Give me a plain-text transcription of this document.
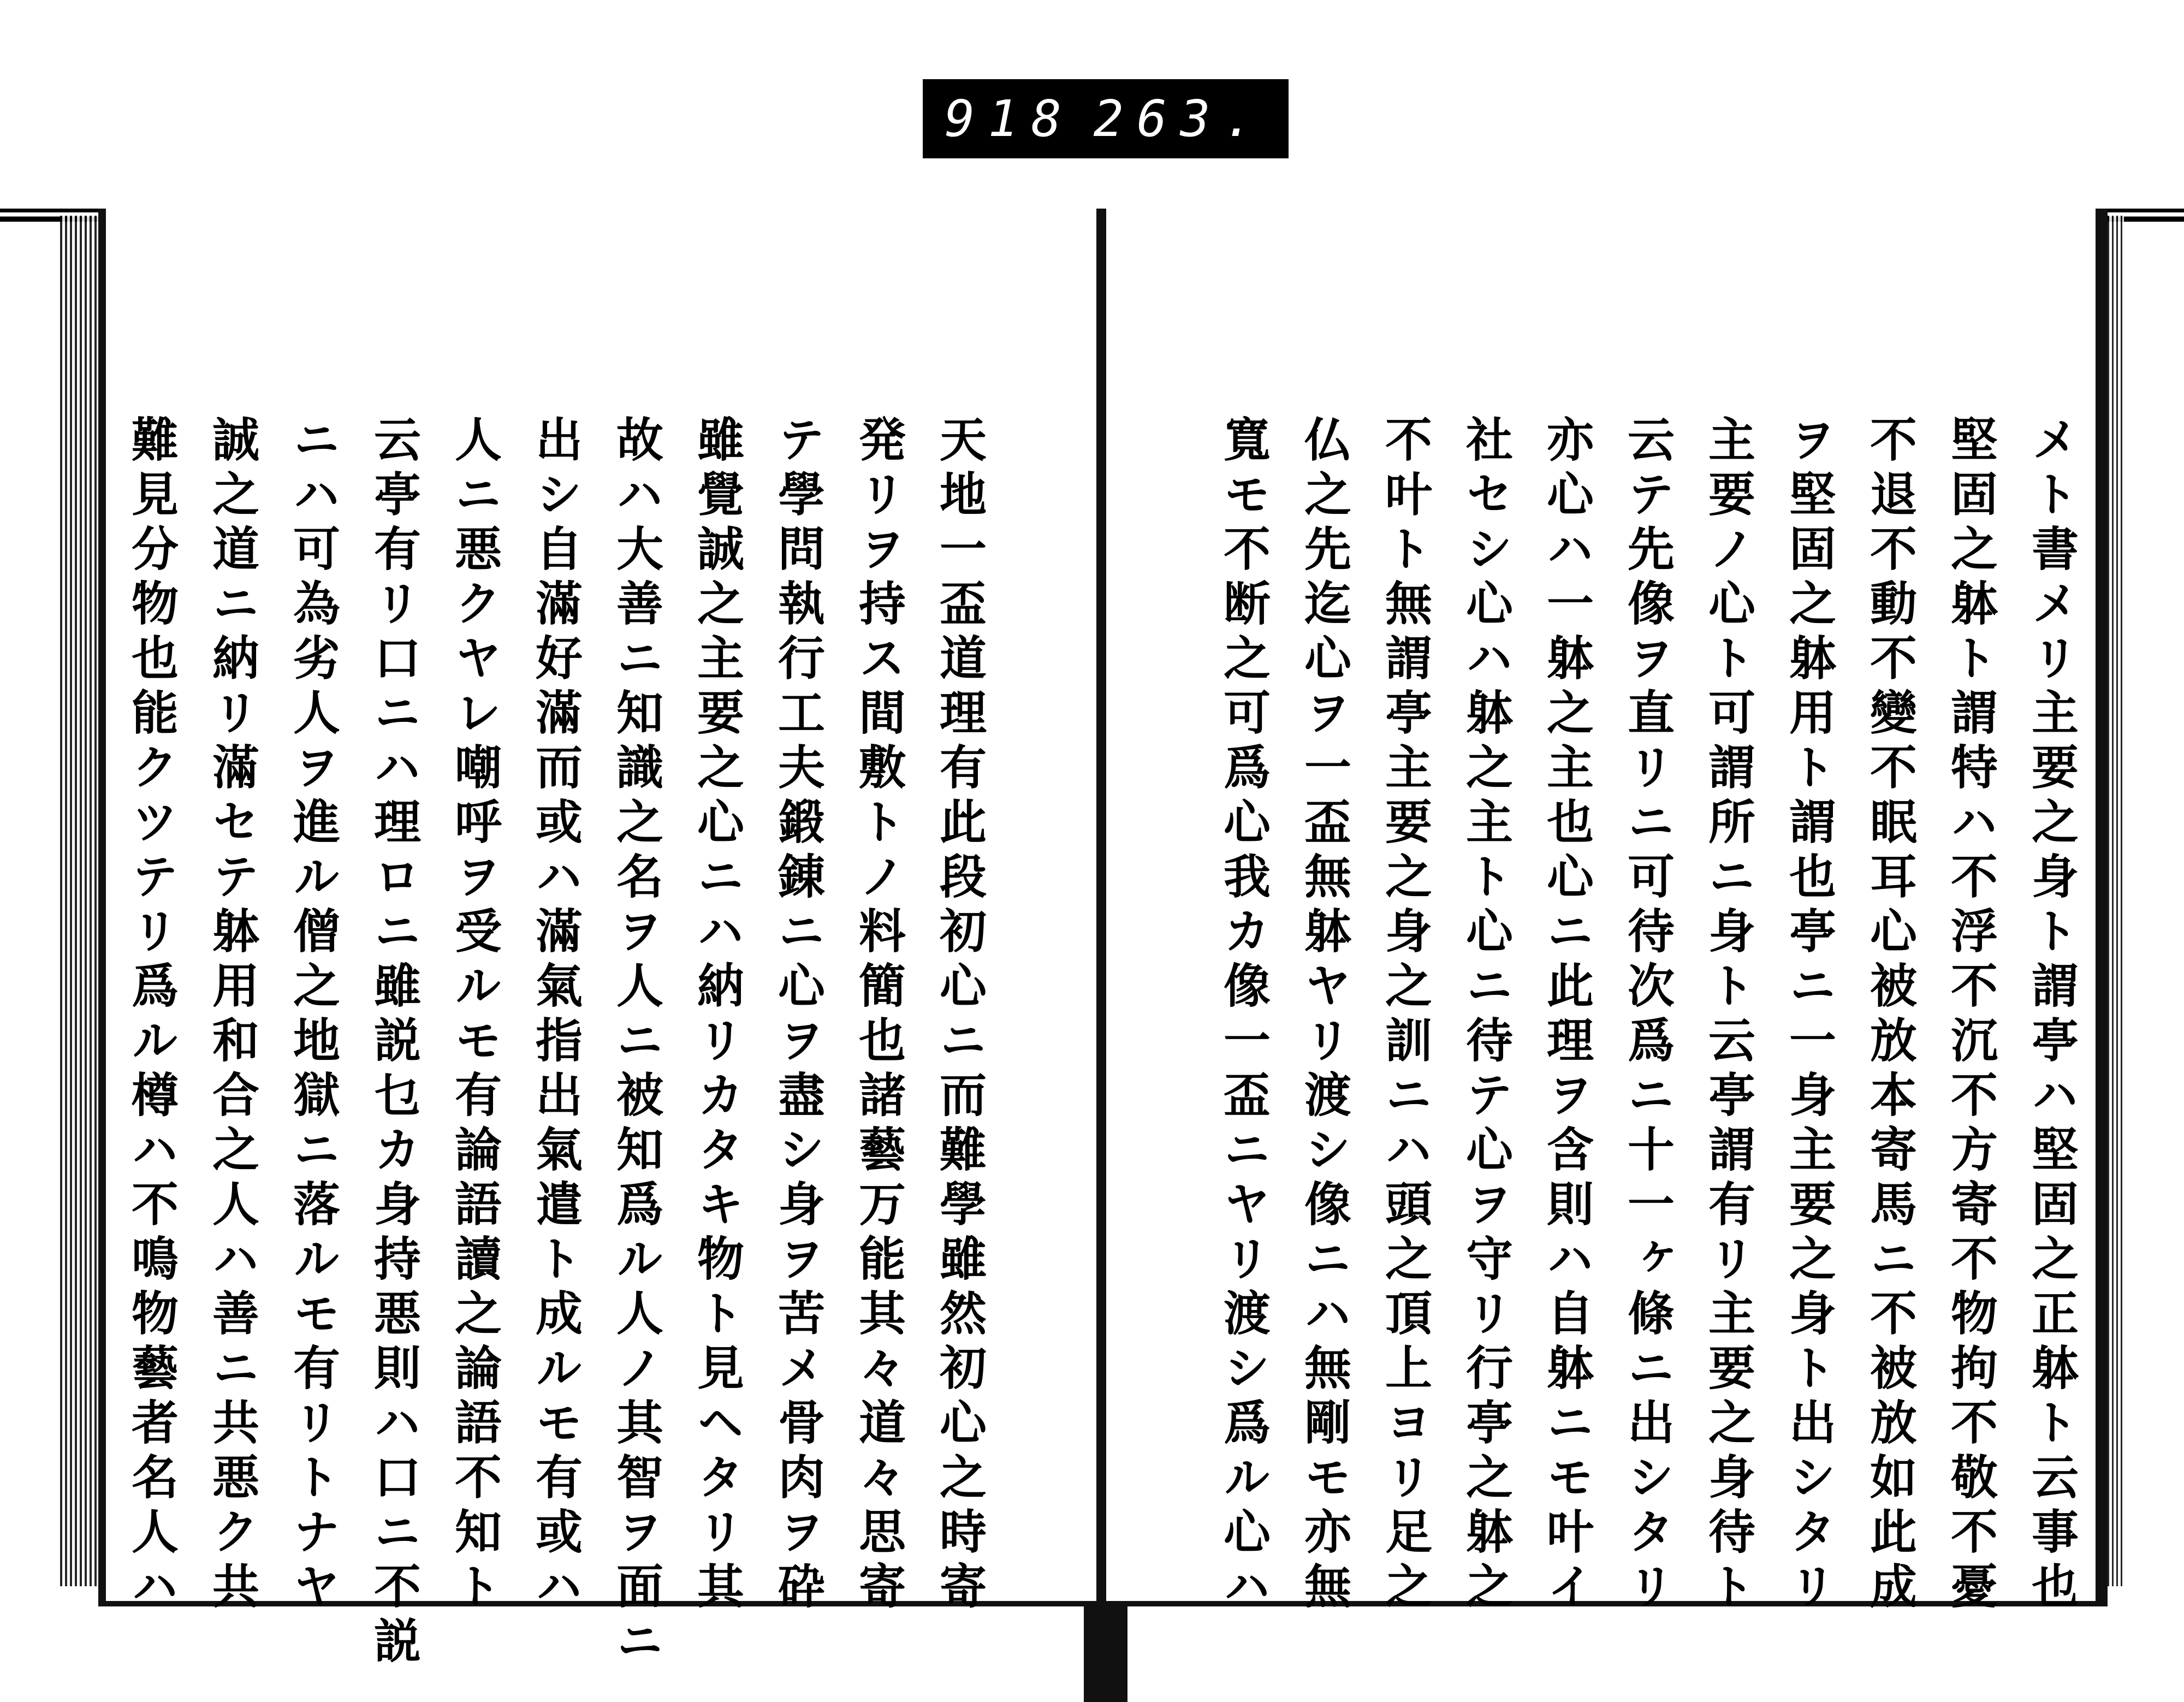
918 263.

メト書メリ主要之身ト謂𠅘ハ堅固之正躰ト云事也

堅固之躰ト謂特ハ不浮不沉不方寄不物拘不敬不憂

不退不動不變不眠耳心被放本寄馬ニ不被放如此成

ヲ堅固之躰用ト謂也𠅘ニ一身主要之身ト出シタリ

主要ノ心ト可謂所ニ身ト云𠅘謂有リ主要之身待ト

云テ先像ヲ直リニ可待次爲ニ十一ヶ條ニ出シタリ

亦心ハ一躰之主也心ニ此理ヲ含則ハ自躰ニモ叶イ

社セシ心ハ躰之主ト心ニ待テ心ヲ守リ行𠅘之躰之

不叶ト無謂𠅘主要之身之訓ニハ頭之頂上ヨリ足之

仏之先迄心ヲ一盃無躰ヤリ渡シ像ニハ無剛モ亦無

寬モ不断之可爲心我カ像一盃ニヤリ渡シ爲ル心ハ

天地一盃道理有此段初心ニ而難學雖然初心之時寄

発リヲ持ス間敷トノ料簡也諸藝万能其々道々思寄

テ學問執行工夫鍛錬ニ心ヲ盡シ身ヲ苦メ骨肉ヲ砕

雖覺誠之主要之心ニハ納リカタキ物ト見ヘタリ其

故ハ大善ニ知識之名ヲ人ニ被知爲ル人ノ其智ヲ面ニ

出シ自滿好滿而或ハ滿氣指出氣遣ト成ルモ有或ハ

人ニ悪クヤレ嘲呼ヲ受ルモ有論語讀之論語不知ト

云𠅘有リ口ニハ理ロニ雖説乜カ身持悪則ハ口ニ不説

ニハ可為劣人ヲ進ル僧之地獄ニ落ルモ有リトナヤ

誠之道ニ納リ滿セテ躰用和合之人ハ善ニ共悪ク共

難見分物也能クツテリ爲ル樽ハ不鳴物藝者名人ハ
